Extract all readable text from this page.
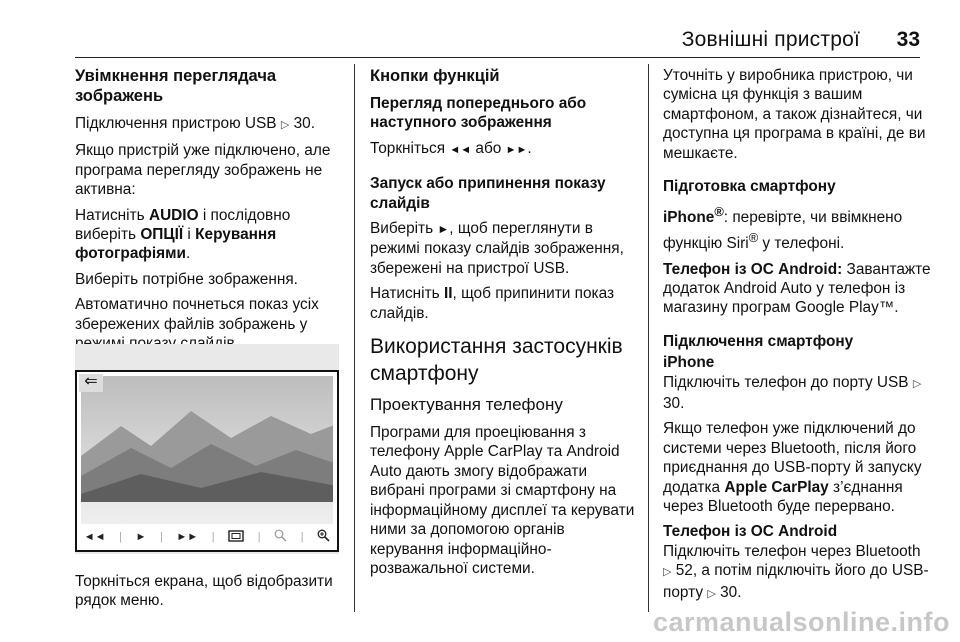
Зовнішні пристрої 33
Увімкнення переглядача зображень

Підключення пристрою USB ▷ 30.

Якщо пристрій уже підключено, але програма перегляду зображень не активна:

Натисніть AUDIO і послідовно виберіть ОПЦІЇ і Керування фотографіями.

Виберіть потрібне зображення.

Автоматично почнеться показ усіх збережених файлів зображень у

⇐
◄◄ | ► | ►► |	|	|
Торкніться екрана, щоб відобразити рядок меню.
Кнопки функцій
Перегляд попереднього або наступного зображення

Торкніться ◄◄ або ►►.

Запуск або припинення показу слайдів

Виберіть ►, щоб переглянути в режимі показу слайдів зображення, збережені на пристрої USB.

Натисніть II, щоб припинити показ слайдів.

Використання застосунків смартфону
Проектування телефону

Програми для проеціювання з телефону Apple CarPlay та Android Auto дають змогу відображати вибрані програми зі смартфону на інформаційному дисплеї та керувати ними за допомогою органів керування інформаційно-розважальної системи.

Уточніть у виробника пристрою, чи сумісна ця функція з вашим смартфоном, а також дізнайтеся, чи доступна ця програма в країні, де ви мешкаєте.

Підготовка смартфону

iPhone®: перевірте, чи ввімкнено функцію Siri® у телефоні.

Телефон із ОС Android: Завантажте додаток Android Auto у телефон із магазину програм Google Play™.

Підключення смартфону
iPhone

Підключіть телефон до порту USB ▷ 30.

Якщо телефон уже підключений до системи через Bluetooth, після його приєднання до USB-порту й запуску додатка Apple CarPlay з’єднання через Bluetooth буде перервано.

Телефон із ОС Android

Підключіть телефон через Bluetooth ▷ 52, а потім підключіть його до USB-порту ▷ 30.

carmanualsonline.info
